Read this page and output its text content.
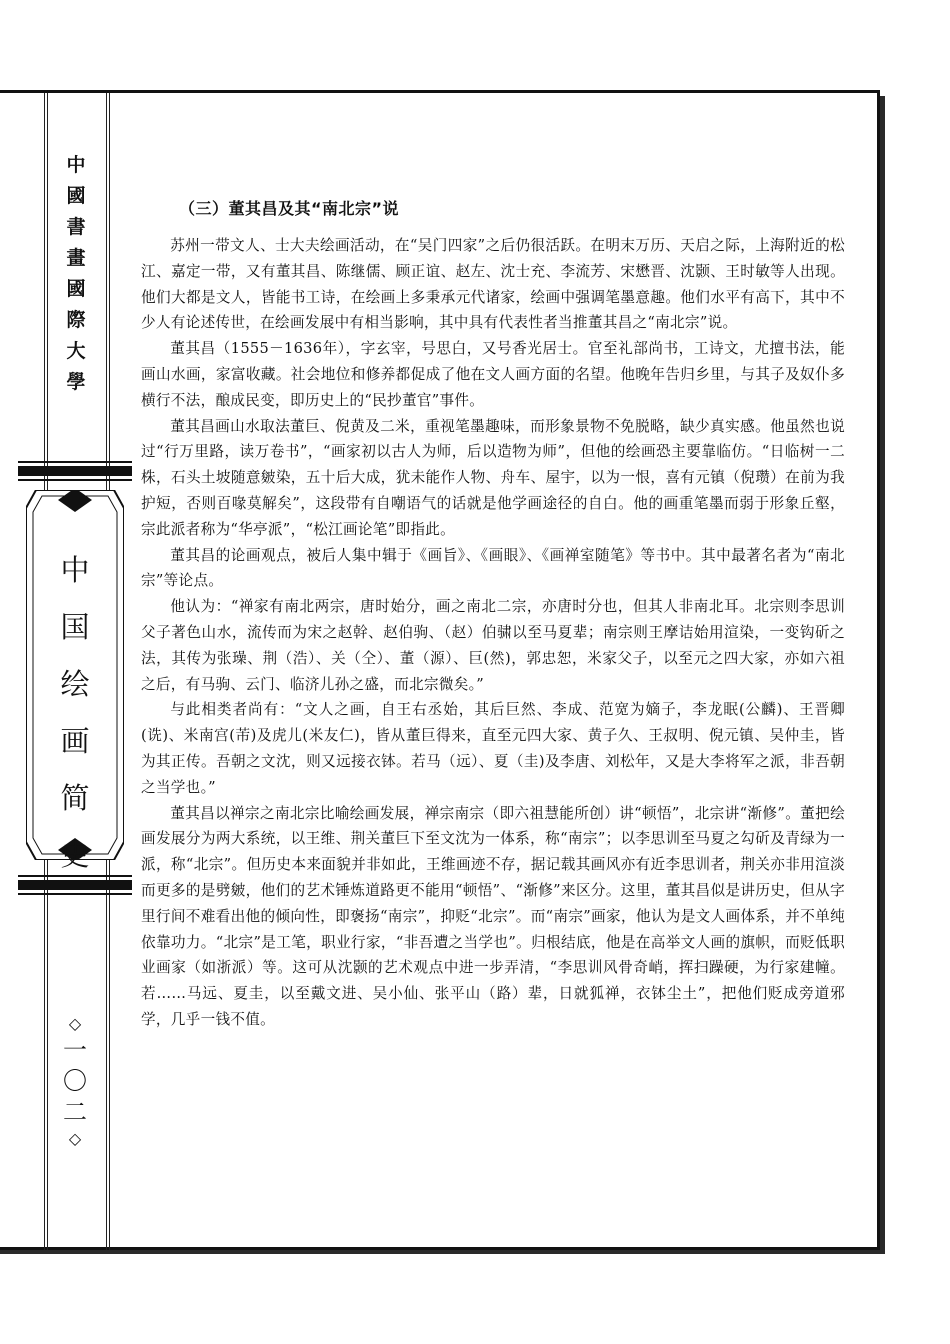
中
國
書
畫
國
際
大
學
中
国
绘
画
简
史
◇
一
〇
二
◇
（三）董其昌及其“南北宗”说

苏州一带文人、士大夫绘画活动，在“吴门四家”之后仍很活跃。在明末万历、天启之际，上海附近的松江、嘉定一带，又有董其昌、陈继儒、顾正谊、赵左、沈士充、李流芳、宋懋晋、沈颢、王时敏等人出现。他们大都是文人，皆能书工诗，在绘画上多秉承元代诸家，绘画中强调笔墨意趣。他们水平有高下，其中不少人有论述传世，在绘画发展中有相当影响，其中具有代表性者当推董其昌之“南北宗”说。

董其昌（1555－1636年），字玄宰，号思白，又号香光居士。官至礼部尚书，工诗文，尤擅书法，能画山水画，家富收藏。社会地位和修养都促成了他在文人画方面的名望。他晚年告归乡里，与其子及奴仆多横行不法，酿成民变，即历史上的“民抄董官”事件。

董其昌画山水取法董巨、倪黄及二米，重视笔墨趣味，而形象景物不免脱略，缺少真实感。他虽然也说过“行万里路，读万卷书”，“画家初以古人为师，后以造物为师”，但他的绘画恐主要靠临仿。“日临树一二株，石头土坡随意皴染，五十后大成，犹未能作人物、舟车、屋宇，以为一恨，喜有元镇（倪瓒）在前为我护短，否则百喙莫解矣”，这段带有自嘲语气的话就是他学画途径的自白。他的画重笔墨而弱于形象丘壑，宗此派者称为“华亭派”，“松江画论笔”即指此。

董其昌的论画观点，被后人集中辑于《画旨》、《画眼》、《画禅室随笔》等书中。其中最著名者为“南北宗”等论点。

他认为：“禅家有南北两宗，唐时始分，画之南北二宗，亦唐时分也，但其人非南北耳。北宗则李思训父子著色山水，流传而为宋之赵幹、赵伯驹、（赵）伯骕以至马夏辈；南宗则王摩诘始用渲染，一变钩斫之法，其传为张璪、荆（浩）、关（仝）、董（源）、巨(然)，郭忠恕，米家父子，以至元之四大家，亦如六祖之后，有马驹、云门、临济儿孙之盛，而北宗微矣。”

与此相类者尚有：“文人之画，自王右丞始，其后巨然、李成、范宽为嫡子，李龙眠(公麟)、王晋卿(诜)、米南宫(芾)及虎儿(米友仁)，皆从董巨得来，直至元四大家、黄子久、王叔明、倪元镇、吴仲圭，皆为其正传。吾朝之文沈，则又远接衣钵。若马（远）、夏（圭)及李唐、刘松年，又是大李将军之派，非吾朝之当学也。”

董其昌以禅宗之南北宗比喻绘画发展，禅宗南宗（即六祖慧能所创）讲“顿悟”，北宗讲“渐修”。董把绘画发展分为两大系统，以王维、荆关董巨下至文沈为一体系，称“南宗”；以李思训至马夏之勾斫及青绿为一派，称“北宗”。但历史本来面貌并非如此，王维画迹不存，据记载其画风亦有近李思训者，荆关亦非用渲淡而更多的是劈皴，他们的艺术锤炼道路更不能用“顿悟”、“渐修”来区分。这里，董其昌似是讲历史，但从字里行间不难看出他的倾向性，即褒扬“南宗”，抑贬“北宗”。而“南宗”画家，他认为是文人画体系，并不单纯依靠功力。“北宗”是工笔，职业行家，“非吾遭之当学也”。归根结底，他是在高举文人画的旗帜，而贬低职业画家（如浙派）等。这可从沈颢的艺术观点中进一步弄清，“李思训风骨奇峭，挥扫躁硬，为行家建幢。若……马远、夏圭，以至戴文进、吴小仙、张平山（路）辈，日就狐禅，衣钵尘土”，把他们贬成旁道邪学，几乎一钱不值。
